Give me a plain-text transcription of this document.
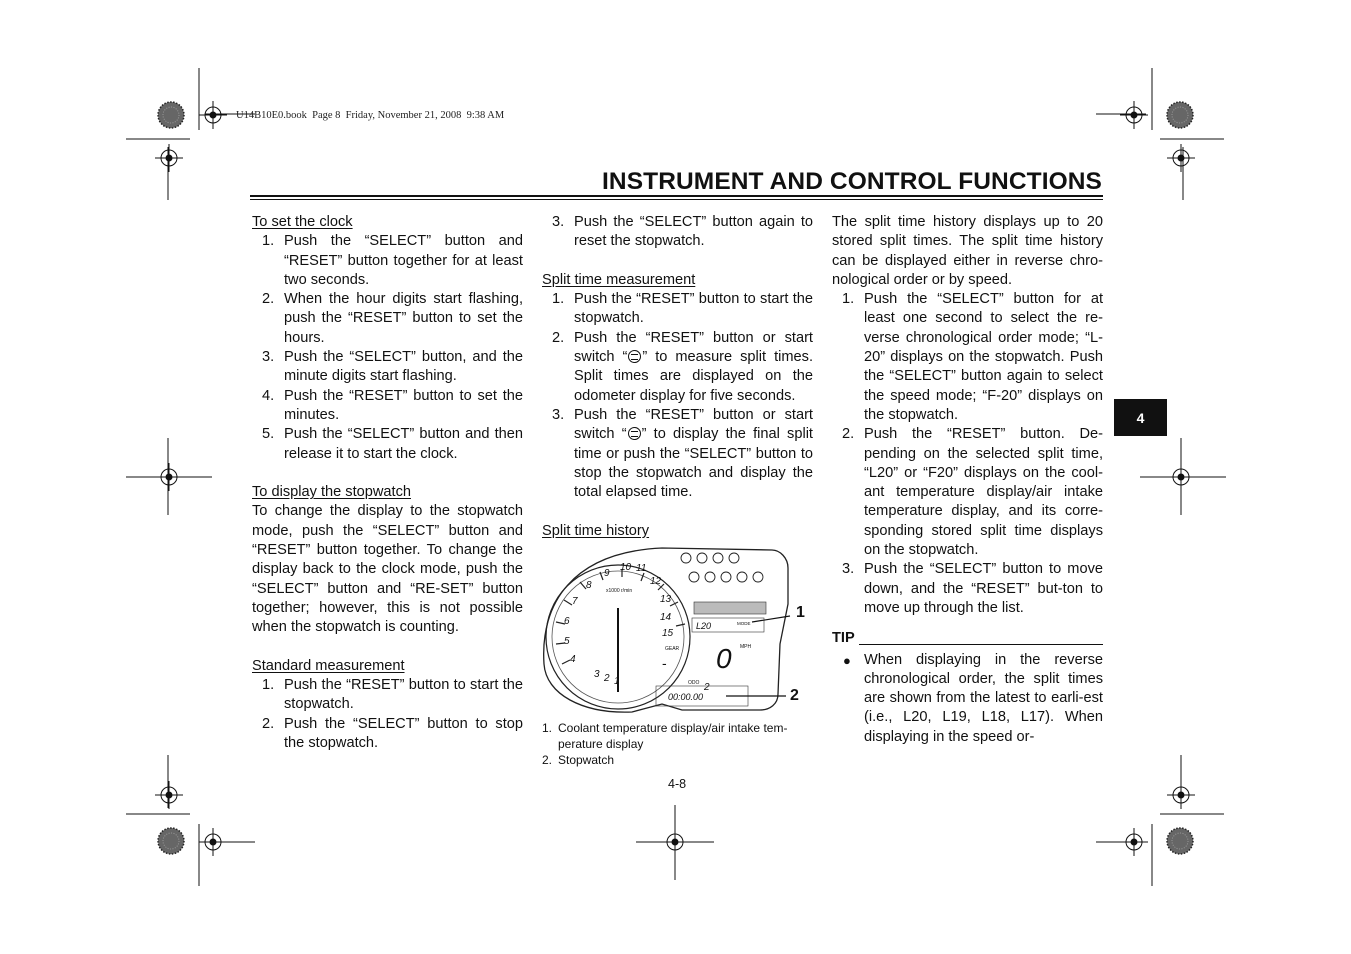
U14B10E0.book  Page 8  Friday, November 21, 2008  9:38 AM
INSTRUMENT AND CONTROL FUNCTIONS
4
To set the clock
1. Push the “SELECT” button and “RESET” button together for at least two seconds.
2. When the hour digits start flashing, push the “RESET” button to set the hours.
3. Push the “SELECT” button, and the minute digits start flashing.
4. Push the “RESET” button to set the minutes.
5. Push the “SELECT” button and then release it to start the clock.
To display the stopwatch
To change the display to the stopwatch mode, push the “SELECT” button and “RESET” button together. To change the display back to the clock mode, push the “SELECT” button and “RE-SET” button together; however, this is not possible when the stopwatch is counting.
Standard measurement
1. Push the “RESET” button to start the stopwatch.
2. Push the “SELECT” button to stop the stopwatch.
3. Push the “SELECT” button again to reset the stopwatch.
Split time measurement
1. Push the “RESET” button to start the stopwatch.
2. Push the “RESET” button or start switch “ ” to measure split times. Split times are displayed on the odometer display for five seconds.
3. Push the “RESET” button or start switch “ ” to display the final split time or push the “SELECT” button to stop the stopwatch and display the total elapsed time.
Split time history
1
2
3
4
5
6
7
8
9
10 11
12
13
14
15
x1000 r/min
L20	MODE
GEAR
- 0 MPH
ODO 2
00:00.00
1
2
1. Coolant temperature display/air intake tem-perature display
2. Stopwatch
The split time history displays up to 20 stored split times. The split time history can be displayed either in reverse chro-nological order or by speed.
1. Push the “SELECT” button for at least one second to select the re-verse chronological order mode; “L-20” displays on the stopwatch. Push the “SELECT” button again to select the speed mode; “F-20” displays on the stopwatch.
2. Push the “RESET” button. De-pending on the selected split time, “L20” or “F20” displays on the cool-ant temperature display/air intake temperature display, and its corre-sponding stored split time displays on the stopwatch.
3. Push the “SELECT” button to move down, and the “RESET” but-ton to move up through the list.
TIP
● When displaying in the reverse chronological order, the split times are shown from the latest to earli-est (i.e., L20, L19, L18, L17). When displaying in the speed or-
4-8
